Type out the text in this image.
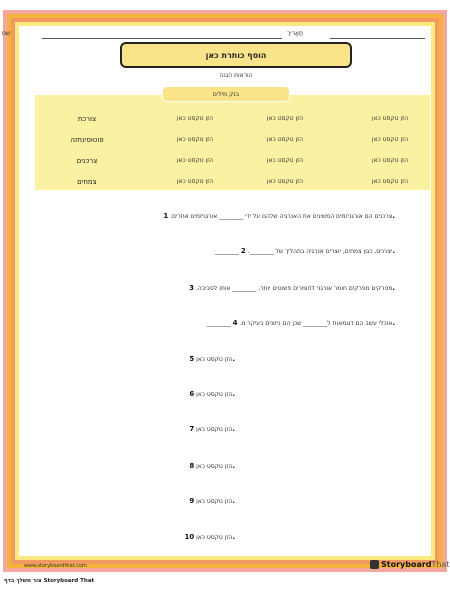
שֵׁם	תַאֲרִיך
הוסף כותרת כאן
הוראות הגנה
בנק מילים
צורכת	הזן טקסט כאן	הזן טקסט כאן	הזן טקסט כאן
פוטוסינתזה	הזן טקסט כאן	הזן טקסט כאן	הזן טקסט כאן
צרכנים	הזן טקסט כאן	הזן טקסט כאן	הזן טקסט כאן
צמחים	הזן טקסט כאן	הזן טקסט כאן	הזן טקסט כאן
צרכנים הם אורגניזמים המשיגים את האנרגיה שלהם על ידי ________ אורגניזמים אחרים. 1.
________ יצרנים, כגון צמחים, יוצרים אנרגיה בתהליך של ________. 2.
מפרקים מפרקים חומר אורגני לחומרים פשוטים יותר, ________ אותו לסביבה. 3.
________ אוכלי עשב הם דוגמאות ל________ שכן הם ניזונים בעיקר מ. 4.
הזן טקסט כאן 5.
הזן טקסט כאן 6.
הזן טקסט כאן 7.
הזן טקסט כאן 8.
הזן טקסט כאן 9.
הזן טקסט כאן 10.
www.storyboardthat.com	StoryboardThat
צור משלך בדף Storyboard That
